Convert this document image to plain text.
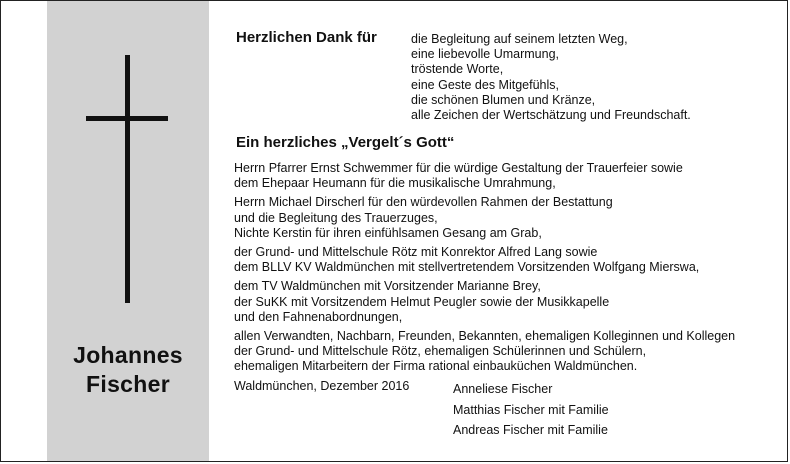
Johannes
Fischer
Herzlichen Dank für	die Begleitung auf seinem letzten Weg,
eine liebevolle Umarmung,
tröstende Worte,
eine Geste des Mitgefühls,
die schönen Blumen und Kränze,
alle Zeichen der Wertschätzung und Freundschaft.
Ein herzliches „Vergelt´s Gott“
Herrn Pfarrer Ernst Schwemmer für die würdige Gestaltung der Trauerfeier sowie
dem Ehepaar Heumann für die musikalische Umrahmung,
Herrn Michael Dirscherl für den würdevollen Rahmen der Bestattung
und die Begleitung des Trauerzuges,
Nichte Kerstin für ihren einfühlsamen Gesang am Grab,
der Grund- und Mittelschule Rötz mit Konrektor Alfred Lang sowie
dem BLLV KV Waldmünchen mit stellvertretendem Vorsitzenden Wolfgang Mierswa,
dem TV Waldmünchen mit Vorsitzender Marianne Brey,
der SuKK mit Vorsitzendem Helmut Peugler sowie der Musikkapelle
und den Fahnenabordnungen,
allen Verwandten, Nachbarn, Freunden, Bekannten, ehemaligen Kolleginnen und Kollegen
der Grund- und Mittelschule Rötz, ehemaligen Schülerinnen und Schülern,
ehemaligen Mitarbeitern der Firma rational einbauküchen Waldmünchen.
Waldmünchen, Dezember 2016	Anneliese Fischer
Matthias Fischer mit Familie
Andreas Fischer mit Familie
